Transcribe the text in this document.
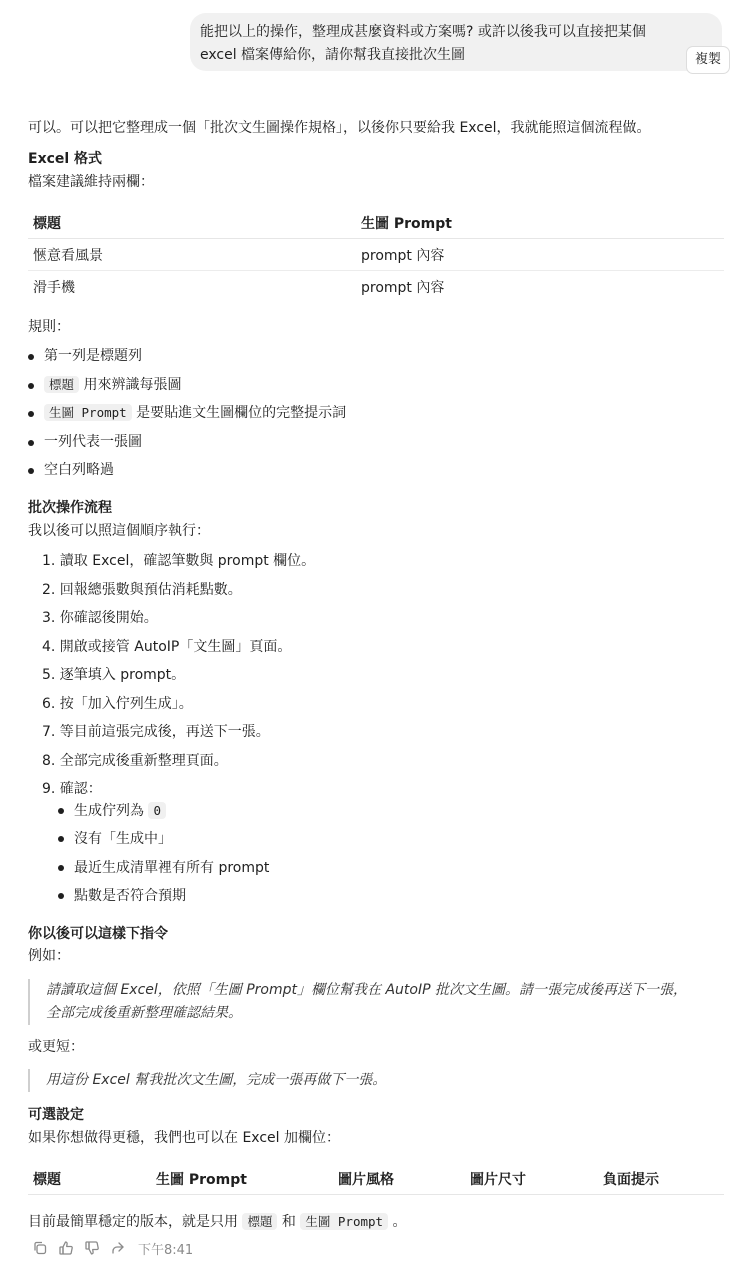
能把以上的操作，整理成甚麼資料或方案嗎? 或許以後我可以直接把某個
excel 檔案傳給你，請你幫我直接批次生圖	複製
可以。可以把它整理成一個「批次文生圖操作規格」，以後你只要給我 Excel，我就能照這個流程做。
Excel 格式
檔案建議維持兩欄：
標題	生圖 Prompt
愜意看風景	prompt 內容
滑手機	prompt 內容
規則：
第一列是標題列
標題 用來辨識每張圖
生圖 Prompt 是要貼進文生圖欄位的完整提示詞
一列代表一張圖
空白列略過
批次操作流程
我以後可以照這個順序執行：
1. 讀取 Excel，確認筆數與 prompt 欄位。
2. 回報總張數與預估消耗點數。
3. 你確認後開始。
4. 開啟或接管 AutoIP「文生圖」頁面。
5. 逐筆填入 prompt。
6. 按「加入佇列生成」。
7. 等目前這張完成後，再送下一張。
8. 全部完成後重新整理頁面。
9. 確認：
生成佇列為 0
沒有「生成中」
最近生成清單裡有所有 prompt
點數是否符合預期
你以後可以這樣下指令
例如：
請讀取這個 Excel，依照「生圖 Prompt」欄位幫我在 AutoIP 批次文生圖。請一張完成後再送下一張，
全部完成後重新整理確認結果。
或更短：
用這份 Excel 幫我批次文生圖，完成一張再做下一張。
可選設定
如果你想做得更穩，我們也可以在 Excel 加欄位：
標題	生圖 Prompt	圖片風格	圖片尺寸	負面提示
目前最簡單穩定的版本，就是只用 標題 和 生圖 Prompt 。
下午8:41
